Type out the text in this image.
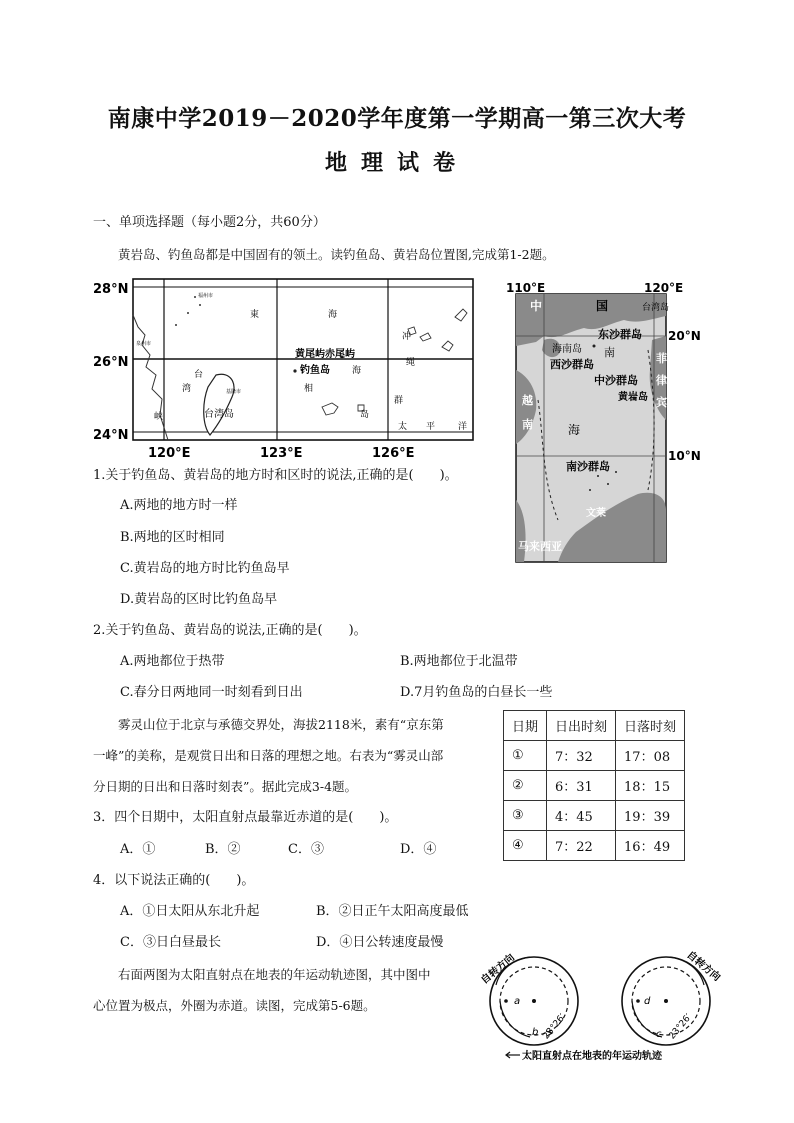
南康中学2019－2020学年度第一学期高一第三次大考
地理试卷
一、单项选择题（每小题2分，共60分）
黄岩岛、钓鱼岛都是中国固有的领土。读钓鱼岛、黄岩岛位置图,完成第1-2题。
28°N
26°N
24°N
120°E	123°E	126°E
東	海
黄尾屿赤尾屿
钓鱼岛 海
冲
绳
台
湾
峡	台湾岛
相
岛
太 平	洋
群
福州市
泉州市
基隆市
110°E	120°E
20°N
10°N
中	国	台湾岛
东沙群岛
海南岛 南
西沙群岛
中沙群岛
黄岩岛
菲
律
宾
越
南	海
南沙群岛
文莱
马来西亚
1.关于钓鱼岛、黄岩岛的地方时和区时的说法,正确的是(　　)。
A.两地的地方时一样
B.两地的区时相同
C.黄岩岛的地方时比钓鱼岛早
D.黄岩岛的区时比钓鱼岛早
2.关于钓鱼岛、黄岩岛的说法,正确的是(　　)。
A.两地都位于热带	B.两地都位于北温带
C.春分日两地同一时刻看到日出	D.7月钓鱼岛的白昼长一些
雾灵山位于北京与承德交界处，海拔2118米，素有“京东第
一峰”的美称，是观赏日出和日落的理想之地。右表为“雾灵山部
分日期的日出和日落时刻表”。据此完成3-4题。
日期	日出时刻	日落时刻
①	7：32	17：08
②	6：31	18：15
③	4：45	19：39
④	7：22	16：49
3．四个日期中，太阳直射点最靠近赤道的是(　　)。
A．①	B．②	C．③	D．④
4．以下说法正确的(　　)。
A．①日太阳从东北升起	B．②日正午太阳高度最低
C．③日白昼最长	D．④日公转速度最慢
右面两图为太阳直射点在地表的年运动轨迹图，其中图中
心位置为极点，外圈为赤道。读图，完成第5-6题。
自转方向
a
b 23°26′
自转方向
d
c 23°26′
太阳直射点在地表的年运动轨迹
